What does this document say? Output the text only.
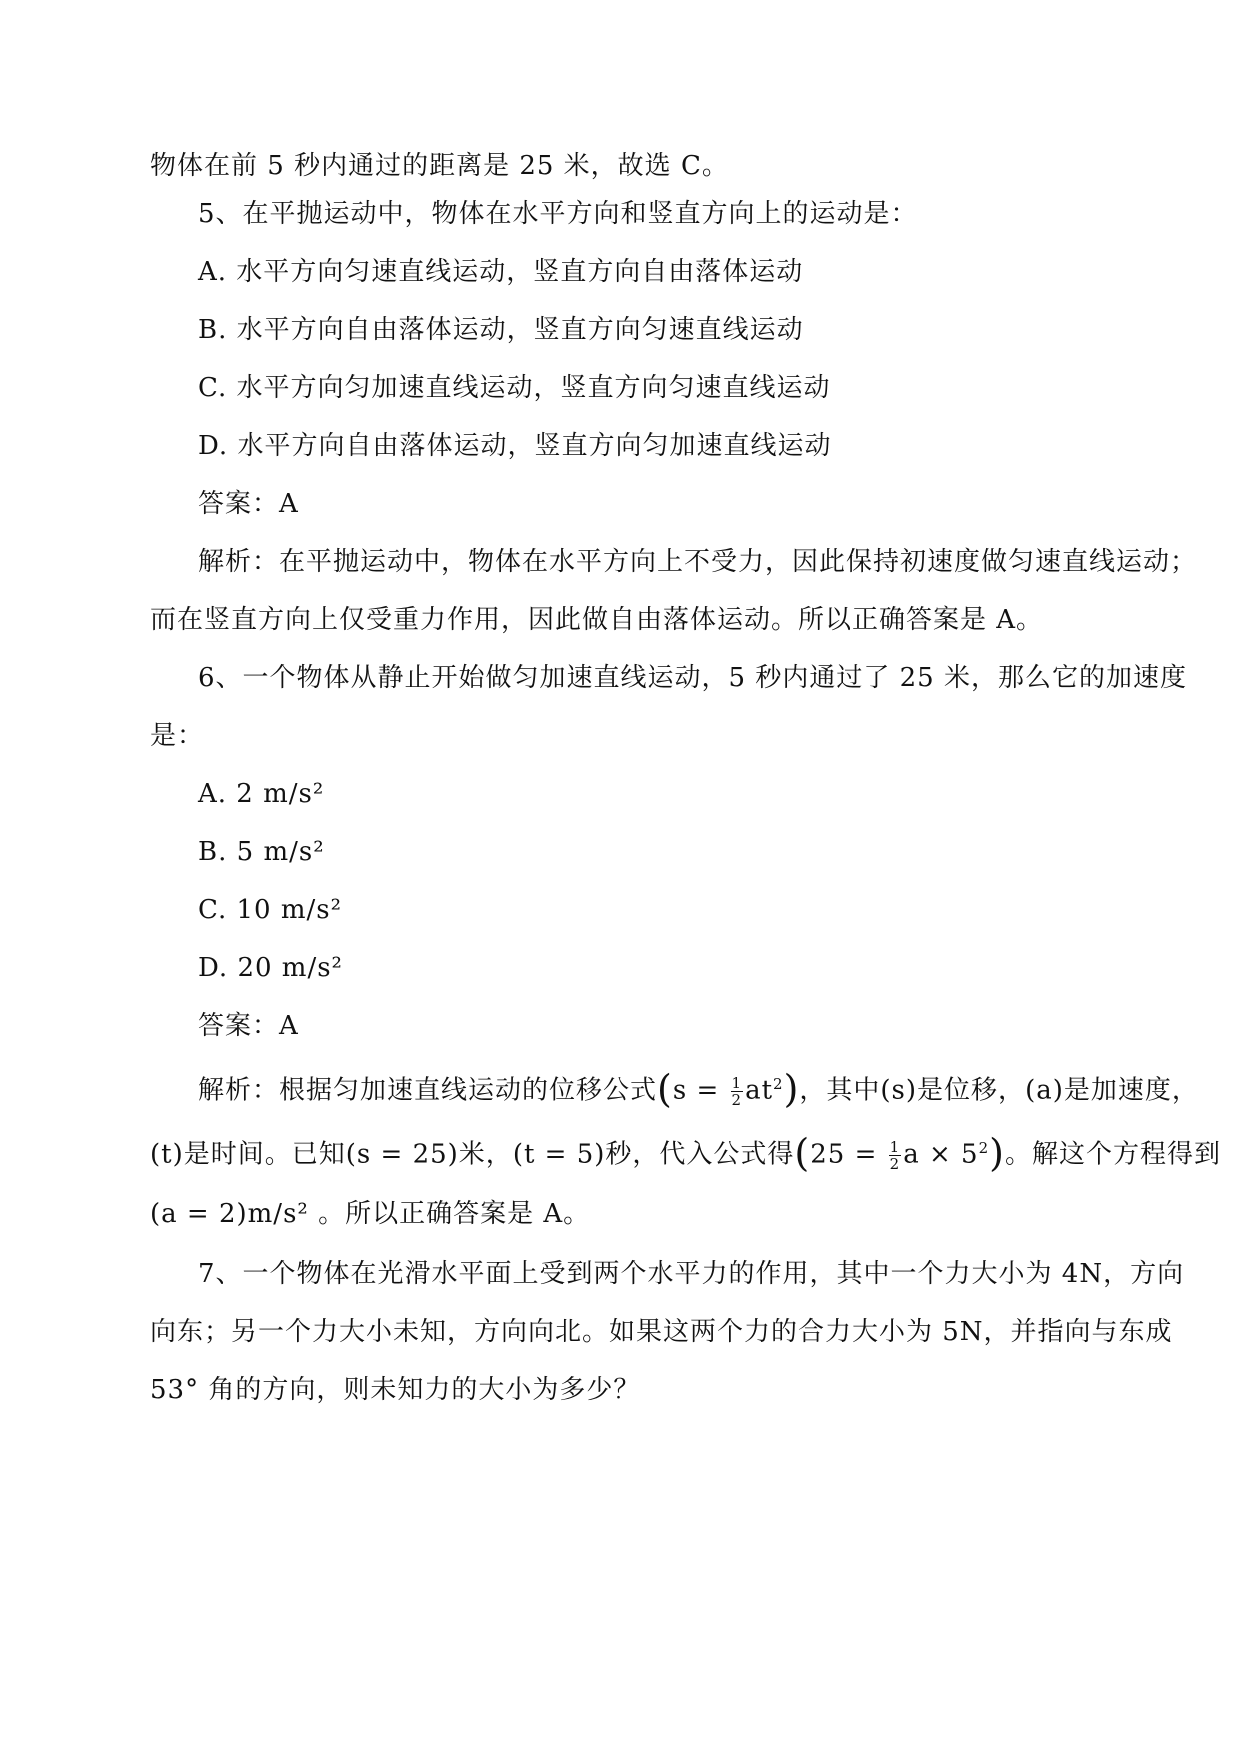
物体在前 5 秒内通过的距离是 25 米，故选 C。
5、在平抛运动中，物体在水平方向和竖直方向上的运动是：
A. 水平方向匀速直线运动，竖直方向自由落体运动
B. 水平方向自由落体运动，竖直方向匀速直线运动
C. 水平方向匀加速直线运动，竖直方向匀速直线运动
D. 水平方向自由落体运动，竖直方向匀加速直线运动
答案：A
解析：在平抛运动中，物体在水平方向上不受力，因此保持初速度做匀速直线运动；
而在竖直方向上仅受重力作用，因此做自由落体运动。所以正确答案是 A。
6、一个物体从静止开始做匀加速直线运动，5 秒内通过了 25 米，那么它的加速度
是：
A. 2 m/s²
B. 5 m/s²
C. 10 m/s²
D. 20 m/s²
答案：A
解析：根据匀加速直线运动的位移公式$(s = \frac{1}{2} at^2)$，其中(s)是位移，(a)是加速度，
(t)是时间。已知(s = 25)米，(t = 5)秒，代入公式得($25 = \frac{1}{2}$ $a \times 5^2$)。解这个方程得到
(a = 2)m/s² 。所以正确答案是 A。
7、一个物体在光滑水平面上受到两个水平力的作用，其中一个力大小为 4N，方向
向东；另一个力大小未知，方向向北。如果这两个力的合力大小为 5N，并指向与东成
53° 角的方向，则未知力的大小为多少？
